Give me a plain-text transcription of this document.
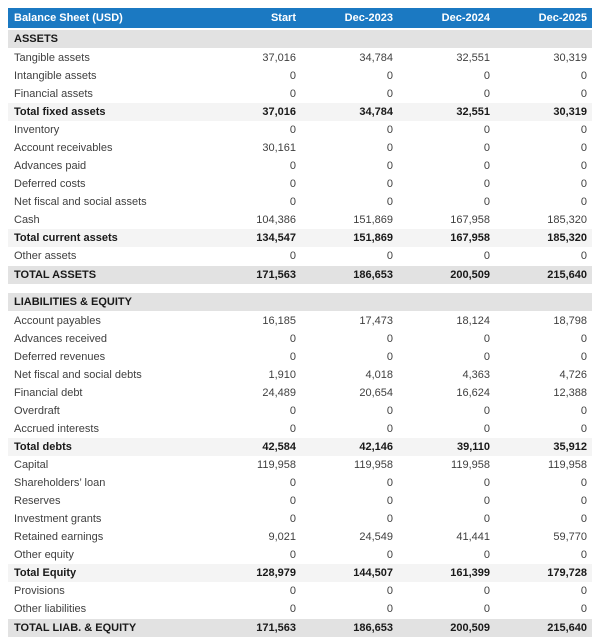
Balance Sheet (USD)	Start	Dec-2023	Dec-2024	Dec-2025
ASSETS				
Tangible assets	37,016	34,784	32,551	30,319
Intangible assets	0	0	0	0
Financial assets	0	0	0	0
Total fixed assets	37,016	34,784	32,551	30,319
Inventory	0	0	0	0
Account receivables	30,161	0	0	0
Advances paid	0	0	0	0
Deferred costs	0	0	0	0
Net fiscal and social assets	0	0	0	0
Cash	104,386	151,869	167,958	185,320
Total current assets	134,547	151,869	167,958	185,320
Other assets	0	0	0	0
TOTAL ASSETS	171,563	186,653	200,509	215,640

LIABILITIES & EQUITY				
Account payables	16,185	17,473	18,124	18,798
Advances received	0	0	0	0
Deferred revenues	0	0	0	0
Net fiscal and social debts	1,910	4,018	4,363	4,726
Financial debt	24,489	20,654	16,624	12,388
Overdraft	0	0	0	0
Accrued interests	0	0	0	0
Total debts	42,584	42,146	39,110	35,912
Capital	119,958	119,958	119,958	119,958
Shareholders’ loan	0	0	0	0
Reserves	0	0	0	0
Investment grants	0	0	0	0
Retained earnings	9,021	24,549	41,441	59,770
Other equity	0	0	0	0
Total Equity	128,979	144,507	161,399	179,728
Provisions	0	0	0	0
Other liabilities	0	0	0	0
TOTAL LIAB. & EQUITY	171,563	186,653	200,509	215,640
